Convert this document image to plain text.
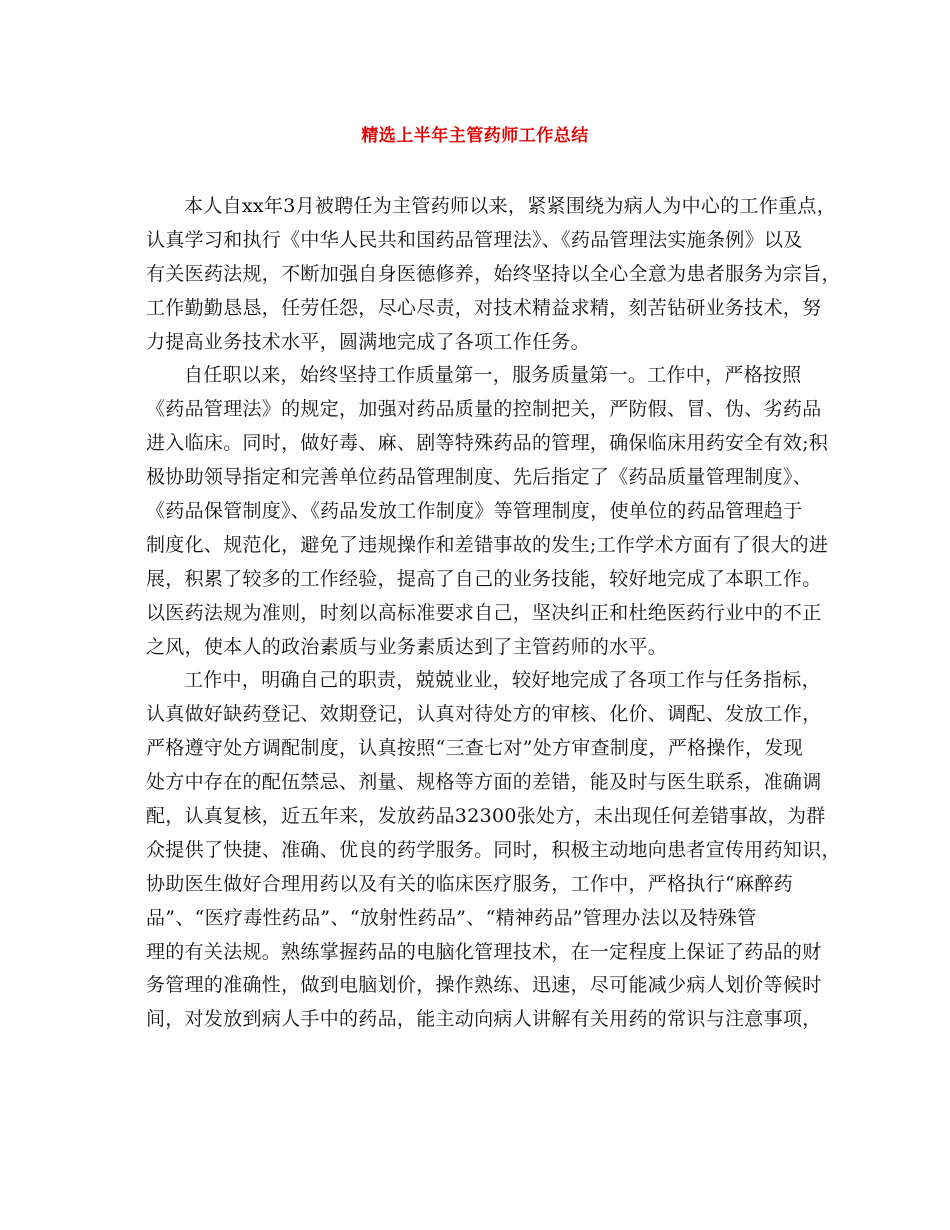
精选上半年主管药师工作总结
本人自xx年3月被聘任为主管药师以来，紧紧围绕为病人为中心的工作重点，
认真学习和执行《中华人民共和国药品管理法》、《药品管理法实施条例》以及
有关医药法规，不断加强自身医德修养，始终坚持以全心全意为患者服务为宗旨，
工作勤勤恳恳，任劳任怨，尽心尽责，对技术精益求精，刻苦钻研业务技术，努
力提高业务技术水平，圆满地完成了各项工作任务。
自任职以来，始终坚持工作质量第一，服务质量第一。工作中，严格按照
《药品管理法》的规定，加强对药品质量的控制把关，严防假、冒、伪、劣药品
进入临床。同时，做好毒、麻、剧等特殊药品的管理，确保临床用药安全有效;积
极协助领导指定和完善单位药品管理制度、先后指定了《药品质量管理制度》、
《药品保管制度》、《药品发放工作制度》等管理制度，使单位的药品管理趋于
制度化、规范化，避免了违规操作和差错事故的发生;工作学术方面有了很大的进
展，积累了较多的工作经验，提高了自己的业务技能，较好地完成了本职工作。
以医药法规为准则，时刻以高标准要求自己，坚决纠正和杜绝医药行业中的不正
之风，使本人的政治素质与业务素质达到了主管药师的水平。
工作中，明确自己的职责，兢兢业业，较好地完成了各项工作与任务指标，
认真做好缺药登记、效期登记，认真对待处方的审核、化价、调配、发放工作，
严格遵守处方调配制度，认真按照“三查七对”处方审查制度，严格操作，发现
处方中存在的配伍禁忌、剂量、规格等方面的差错，能及时与医生联系，准确调
配，认真复核，近五年来，发放药品32300张处方，未出现任何差错事故，为群
众提供了快捷、准确、优良的药学服务。同时，积极主动地向患者宣传用药知识，
协助医生做好合理用药以及有关的临床医疗服务，工作中，严格执行“麻醉药
品”、“医疗毒性药品”、“放射性药品”、“精神药品”管理办法以及特殊管
理的有关法规。熟练掌握药品的电脑化管理技术，在一定程度上保证了药品的财
务管理的准确性，做到电脑划价，操作熟练、迅速，尽可能减少病人划价等候时
间，对发放到病人手中的药品，能主动向病人讲解有关用药的常识与注意事项，
